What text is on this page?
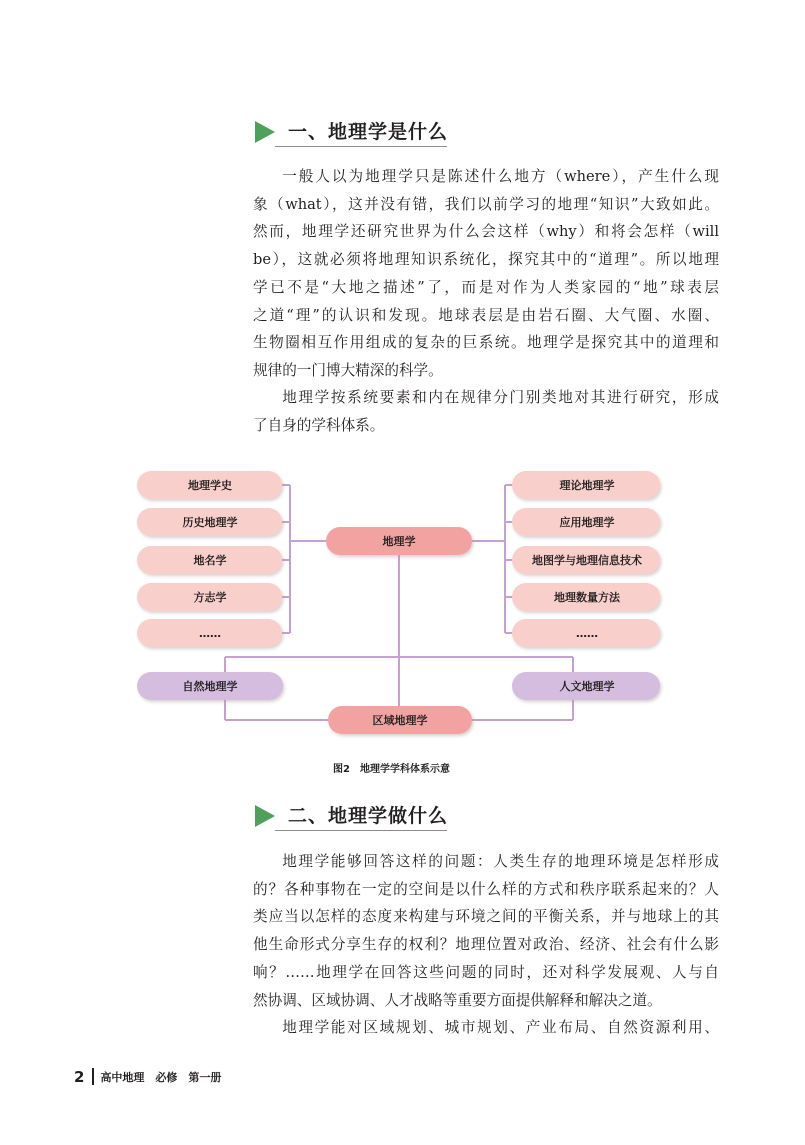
一、地理学是什么
一般人以为地理学只是陈述什么地方（where），产生什么现
象（what），这并没有错，我们以前学习的地理“知识”大致如此。
然而，地理学还研究世界为什么会这样（why）和将会怎样（will
be），这就必须将地理知识系统化，探究其中的“道理”。所以地理
学已不是“大地之描述”了，而是对作为人类家园的“地”球表层
之道“理”的认识和发现。地球表层是由岩石圈、大气圈、水圈、
生物圈相互作用组成的复杂的巨系统。地理学是探究其中的道理和
规律的一门博大精深的科学。
地理学按系统要素和内在规律分门别类地对其进行研究，形成
了自身的学科体系。
地理学
地理学史
历史地理学
地名学
方志学
……
理论地理学
应用地理学
地图学与地理信息技术
地理数量方法
……
自然地理学	人文地理学
区域地理学
图2 地理学学科体系示意
二、地理学做什么
地理学能够回答这样的问题：人类生存的地理环境是怎样形成
的？各种事物在一定的空间是以什么样的方式和秩序联系起来的？人
类应当以怎样的态度来构建与环境之间的平衡关系，并与地球上的其
他生命形式分享生存的权利？地理位置对政治、经济、社会有什么影
响？……地理学在回答这些问题的同时，还对科学发展观、人与自
然协调、区域协调、人才战略等重要方面提供解释和解决之道。
地理学能对区域规划、城市规划、产业布局、自然资源利用、
2 高中地理　必修　第一册
